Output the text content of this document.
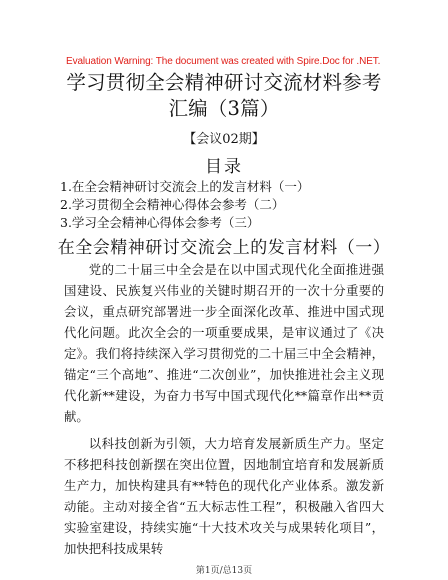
Evaluation Warning: The document was created with Spire.Doc for .NET.
学习贯彻全会精神研讨交流材料参考汇编（3篇）
【会议02期】
目录
1.在全会精神研讨交流会上的发言材料（一）
2.学习贯彻全会精神心得体会参考（二）
3.学习全会精神心得体会参考（三）
在全会精神研讨交流会上的发言材料（一）

党的二十届三中全会是在以中国式现代化全面推进强国建设、民族复兴伟业的关键时期召开的一次十分重要的会议，重点研究部署进一步全面深化改革、推进中国式现代化问题。此次全会的一项重要成果，是审议通过了《决定》。我们将持续深入学习贯彻党的二十届三中全会精神，锚定“三个高地”、推进“二次创业”，加快推进社会主义现代化新**建设，为奋力书写中国式现代化**篇章作出**贡献。

以科技创新为引领，大力培育发展新质生产力。坚定不移把科技创新摆在突出位置，因地制宜培育和发展新质生产力，加快构建具有**特色的现代化产业体系。激发新动能。主动对接全省“五大标志性工程”，积极融入省四大实验室建设，持续实施“十大技术攻关与成果转化项目”，加快把科技成果转

第1页/总13页
